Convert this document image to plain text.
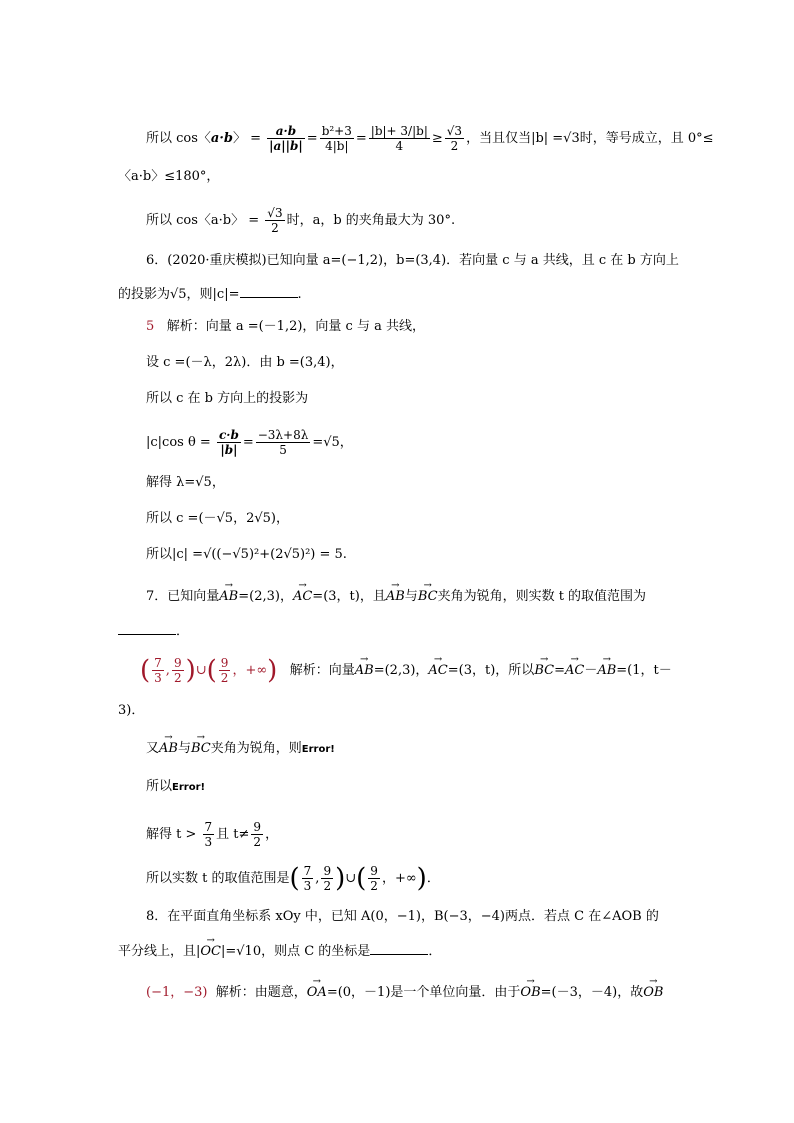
所以 cos〈a·b〉 = $\frac{a\cdot b}{|a||b|} = \frac{\text{b²+3}}{4|b|} = \frac{|b|+ 3/|b|}{4} \ge \frac{√3}{2}$ ，当且仅当|b| =√3时，等号成立，且 0°≤
〈a·b〉≤180°，
所以 cos〈a·b〉 = $\frac{√3}{2}$ 时，a，b 的夹角最大为 30°.
6．(2020·重庆模拟)已知向量 a=(−1,2)，b=(3,4)．若向量 c 与 a 共线，且 c 在 b 方向上
的投影为√5，则|c|=	.
5 解析：向量 a =(－1,2)，向量 c 与 a 共线，
设 c =(－λ，2λ)．由 b =(3,4)，
所以 c 在 b 方向上的投影为
|c|cos $\theta = \frac{c\cdot b}{|b|} = \frac{-3\lambda+8\lambda}{5} =√5$，
解得 λ=√5，
所以 c =(－√5，2√5)，
所以|c| =√((−√5)²+(2√5)²) = 5.
7．已知向量→ AB=(2,3)，→ AC=(3，t)，且→ AB与→ BC夹角为锐角，则实数 t 的取值范围为
．
( $\frac{7}{3}$ , $\frac{9}{2}$ )∪( $\frac{9}{2}$ ，+∞) 解析：向量→ AB=(2,3)，→ AC=(3，t)，所以→ BC=→ AC－→ AB=(1，t－
3)．
又→ AB与→ BC夹角为锐角，则Error!
所以Error!
解得 $t > \frac{7}{3}$ 且 $t\ne \frac{9}{2}$ ，
所以实数 t 的取值范围是( $\frac{7}{3}$ , $\frac{9}{2}$ )∪( $\frac{9}{2}$ ，+∞)．
8．在平面直角坐标系 xOy 中，已知 A(0，−1)，B(−3，−4)两点．若点 C 在∠AOB 的
平分线上，且|→ OC|=√10，则点 C 的坐标是	．
(−1，−3) 解析：由题意，→ OA=(0，－1)是一个单位向量．由于→ OB=(－3，－4)，故→ OB
